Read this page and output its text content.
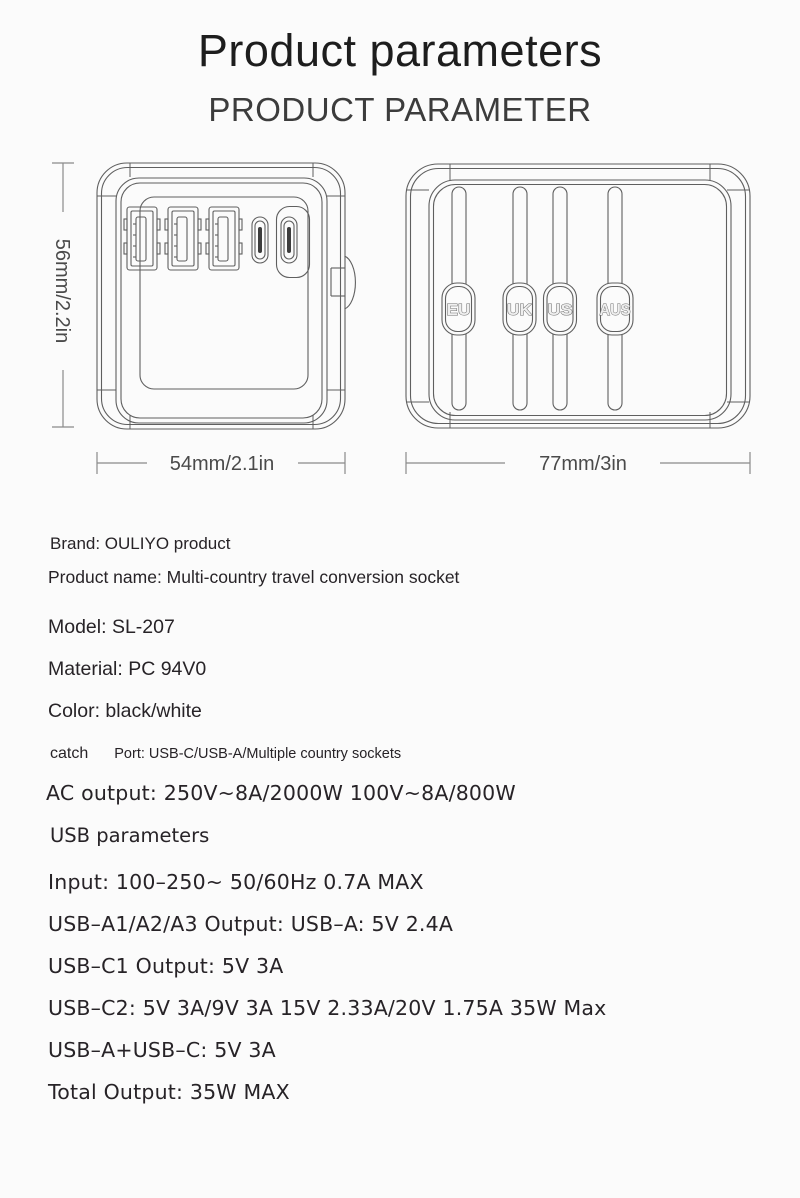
Product parameters
PRODUCT PARAMETER
EU UK US AUS
56mm/2.2in
54mm/2.1in	77mm/3in
Brand: OULIYO product
Product name: Multi-country travel conversion socket
Model: SL-207
Material: PC 94V0
Color: black/white
catch Port: USB-C/USB-A/Multiple country sockets
AC output: 250V~8A/2000W 100V~8A/800W
USB parameters
Input: 100–250~ 50/60Hz 0.7A MAX
USB–A1/A2/A3 Output: USB–A: 5V 2.4A
USB–C1 Output: 5V 3A
USB–C2: 5V 3A/9V 3A 15V 2.33A/20V 1.75A 35W Max
USB–A+USB–C: 5V 3A
Total Output: 35W MAX
